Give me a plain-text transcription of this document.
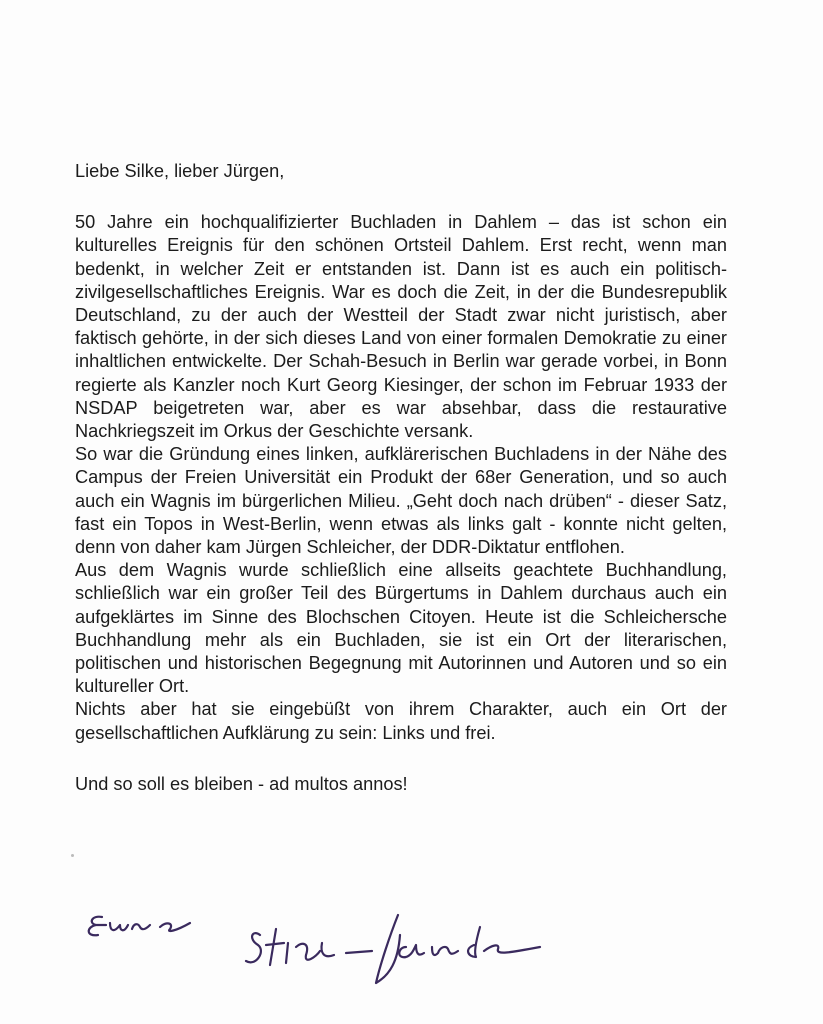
Liebe Silke, lieber Jürgen,

50 Jahre ein hochqualifizierter Buchladen in Dahlem – das ist schon ein kulturelles Ereignis für den schönen Ortsteil Dahlem. Erst recht, wenn man bedenkt, in welcher Zeit er entstanden ist. Dann ist es auch ein politisch-zivilgesellschaftliches Ereignis. War es doch die Zeit, in der die Bundesrepublik Deutschland, zu der auch der Westteil der Stadt zwar nicht juristisch, aber faktisch gehörte, in der sich dieses Land von einer formalen Demokratie zu einer inhaltlichen entwickelte. Der Schah-Besuch in Berlin war gerade vorbei, in Bonn regierte als Kanzler noch Kurt Georg Kiesinger, der schon im Februar 1933 der NSDAP beigetreten war, aber es war absehbar, dass die restaurative Nachkriegszeit im Orkus der Geschichte versank.

So war die Gründung eines linken, aufklärerischen Buchladens in der Nähe des Campus der Freien Universität ein Produkt der 68er Generation, und so auch auch ein Wagnis im bürgerlichen Milieu. „Geht doch nach drüben“ - dieser Satz, fast ein Topos in West-Berlin, wenn etwas als links galt - konnte nicht gelten, denn von daher kam Jürgen Schleicher, der DDR-Diktatur entflohen.

Aus dem Wagnis wurde schließlich eine allseits geachtete Buchhandlung, schließlich war ein großer Teil des Bürgertums in Dahlem durchaus auch ein aufgeklärtes im Sinne des Blochschen Citoyen. Heute ist die Schleichersche Buchhandlung mehr als ein Buchladen, sie ist ein Ort der literarischen, politischen und historischen Begegnung mit Autorinnen und Autoren und so ein kultureller Ort.

Nichts aber hat sie eingebüßt von ihrem Charakter, auch ein Ort der gesellschaftlichen Aufklärung zu sein: Links und frei.

Und so soll es bleiben - ad multos annos!
